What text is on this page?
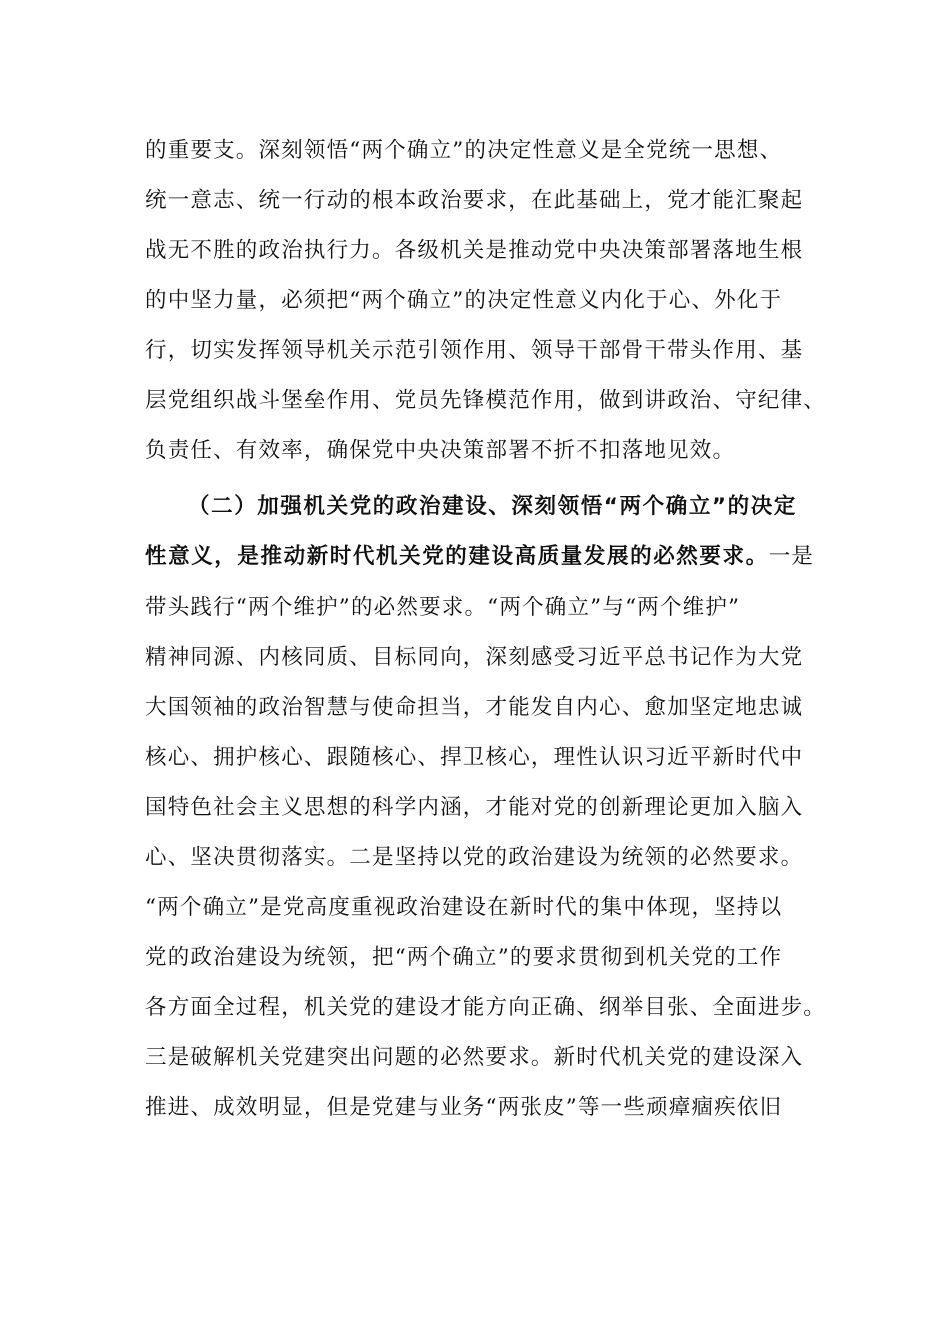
的重要支。深刻领悟“两个确立”的决定性意义是全党统一思想、
统一意志、统一行动的根本政治要求，在此基础上，党才能汇聚起
战无不胜的政治执行力。各级机关是推动党中央决策部署落地生根
的中坚力量，必须把“两个确立”的决定性意义内化于心、外化于
行，切实发挥领导机关示范引领作用、领导干部骨干带头作用、基
层党组织战斗堡垒作用、党员先锋模范作用，做到讲政治、守纪律、
负责任、有效率，确保党中央决策部署不折不扣落地见效。
（二）加强机关党的政治建设、深刻领悟“两个确立”的决定
性意义，是推动新时代机关党的建设高质量发展的必然要求。一是
带头践行“两个维护”的必然要求。“两个确立”与“两个维护”
精神同源、内核同质、目标同向，深刻感受习近平总书记作为大党
大国领袖的政治智慧与使命担当，才能发自内心、愈加坚定地忠诚
核心、拥护核心、跟随核心、捍卫核心，理性认识习近平新时代中
国特色社会主义思想的科学内涵，才能对党的创新理论更加入脑入
心、坚决贯彻落实。二是坚持以党的政治建设为统领的必然要求。
“两个确立”是党高度重视政治建设在新时代的集中体现，坚持以
党的政治建设为统领，把“两个确立”的要求贯彻到机关党的工作
各方面全过程，机关党的建设才能方向正确、纲举目张、全面进步。
三是破解机关党建突出问题的必然要求。新时代机关党的建设深入
推进、成效明显，但是党建与业务“两张皮”等一些顽瘴痼疾依旧
